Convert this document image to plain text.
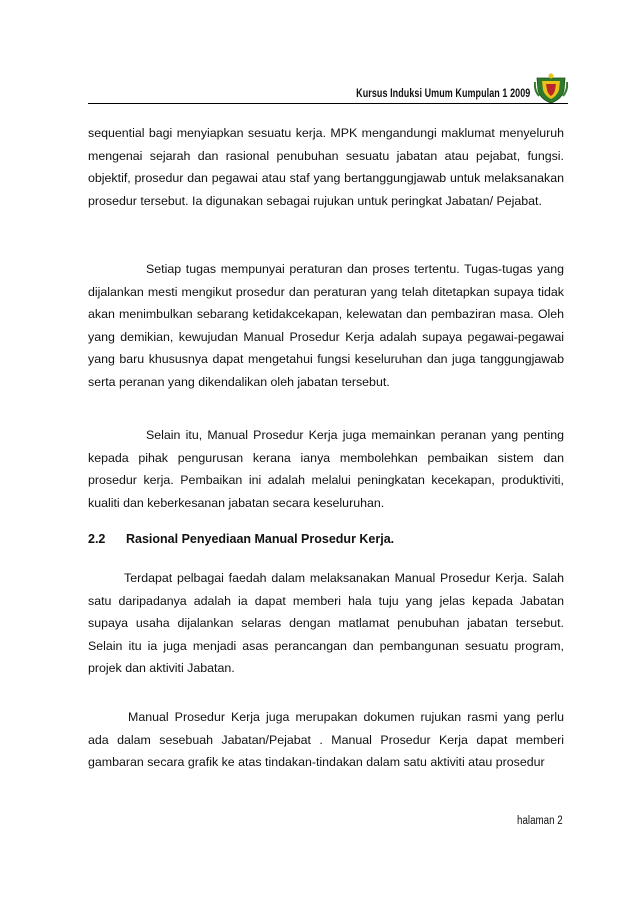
Kursus Induksi Umum Kumpulan 1 2009
sequential bagi menyiapkan sesuatu kerja. MPK mengandungi maklumat menyeluruh mengenai sejarah dan rasional penubuhan sesuatu jabatan atau pejabat, fungsi. objektif, prosedur dan pegawai atau staf yang bertanggungjawab untuk melaksanakan prosedur tersebut. Ia digunakan sebagai rujukan untuk peringkat Jabatan/ Pejabat.
Setiap tugas mempunyai peraturan dan proses tertentu. Tugas-tugas yang dijalankan mesti mengikut prosedur dan peraturan yang telah ditetapkan supaya tidak akan menimbulkan sebarang ketidakcekapan, kelewatan dan pembaziran masa. Oleh yang demikian, kewujudan Manual Prosedur Kerja adalah supaya pegawai-pegawai yang baru khususnya dapat mengetahui fungsi keseluruhan dan juga tanggungjawab serta peranan yang dikendalikan oleh jabatan tersebut.
Selain itu, Manual Prosedur Kerja juga memainkan peranan yang penting kepada pihak pengurusan kerana ianya membolehkan pembaikan sistem dan prosedur kerja. Pembaikan ini adalah melalui peningkatan kecekapan, produktiviti, kualiti dan keberkesanan jabatan secara keseluruhan.
2.2 Rasional Penyediaan Manual Prosedur Kerja.
Terdapat pelbagai faedah dalam melaksanakan Manual Prosedur Kerja. Salah satu daripadanya adalah ia dapat memberi hala tuju yang jelas kepada Jabatan supaya usaha dijalankan selaras dengan matlamat penubuhan jabatan tersebut. Selain itu ia juga menjadi asas perancangan dan pembangunan sesuatu program, projek dan aktiviti Jabatan.
Manual Prosedur Kerja juga merupakan dokumen rujukan rasmi yang perlu ada dalam sesebuah Jabatan/Pejabat . Manual Prosedur Kerja dapat memberi gambaran secara grafik ke atas tindakan-tindakan dalam satu aktiviti atau prosedur
halaman 2
